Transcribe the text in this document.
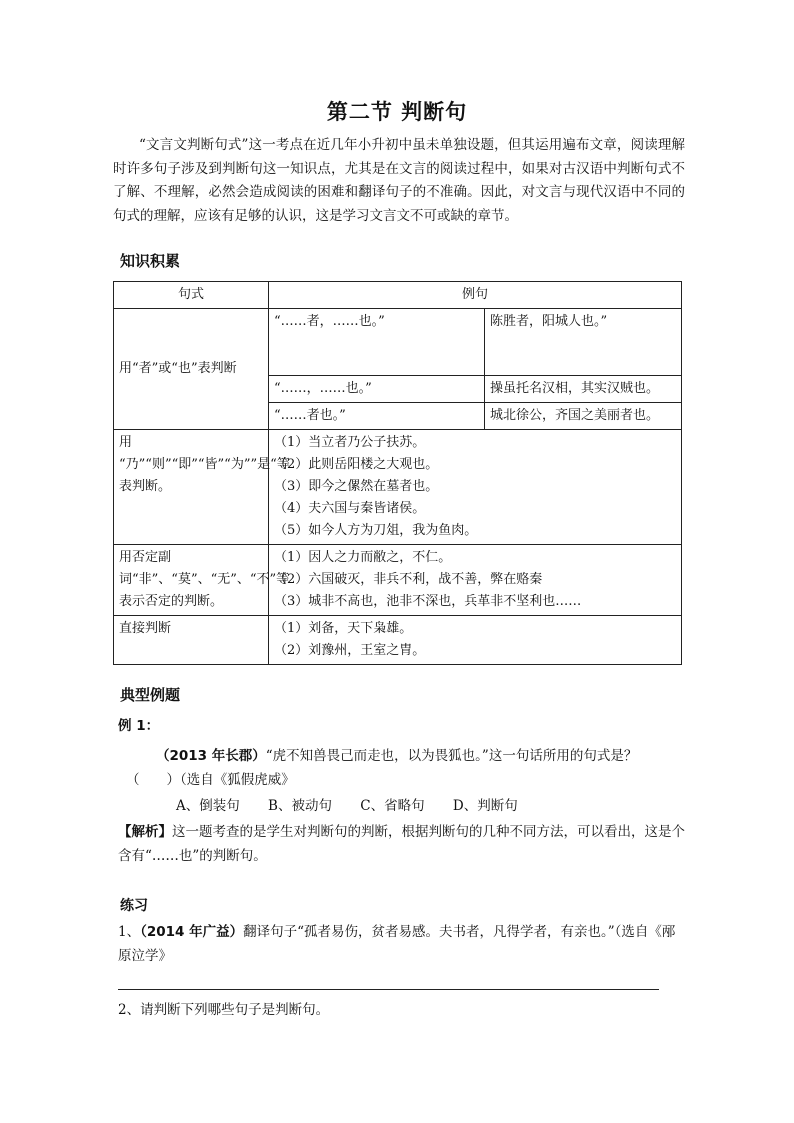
第二节 判断句
“文言文判断句式”这一考点在近几年小升初中虽未单独设题，但其运用遍布文章，阅读理解时许多句子涉及到判断句这一知识点，尤其是在文言的阅读过程中，如果对古汉语中判断句式不了解、不理解，必然会造成阅读的困难和翻译句子的不准确。因此，对文言与现代汉语中不同的句式的理解，应该有足够的认识，这是学习文言文不可或缺的章节。
知识积累
句式	例句	
用“者”或“也”表判断	“……者，……也。”	陈胜者，阳城人也。”
	“……，……也。”	操虽托名汉相，其实汉贼也。
	“……者也。”	城北徐公，齐国之美丽者也。
用 “乃”“则”“即”“皆”“为””是“等表判断。	（1）当立者乃公子扶苏。
（2）此则岳阳楼之大观也。
（3）即今之傫然在墓者也。
（4）夫六国与秦皆诸侯。
（5）如今人方为刀俎，我为鱼肉。	

用否定副词“非”、“莫”、“无”、“不”等表示否定的判断。	（1）因人之力而敝之，不仁。
（2）六国破灭，非兵不利，战不善，弊在赂秦
（3）城非不高也，池非不深也，兵革非不坚利也……	

直接判断	（1）刘备，天下枭雄。
（2）刘豫州，王室之胄。	
典型例题
例 1：
（2013 年长郡）“虎不知兽畏己而走也，以为畏狐也。”这一句话所用的句式是？
（　　）（选自《狐假虎威》
A、倒装句 B、被动句 C、省略句 D、判断句
【解析】这一题考查的是学生对判断句的判断，根据判断句的几种不同方法，可以看出，这是个含有“……也”的判断句。
练习
1、（2014 年广益）翻译句子“孤者易伤，贫者易感。夫书者，凡得学者，有亲也。”（选自《邴原泣学》
2、请判断下列哪些句子是判断句。
